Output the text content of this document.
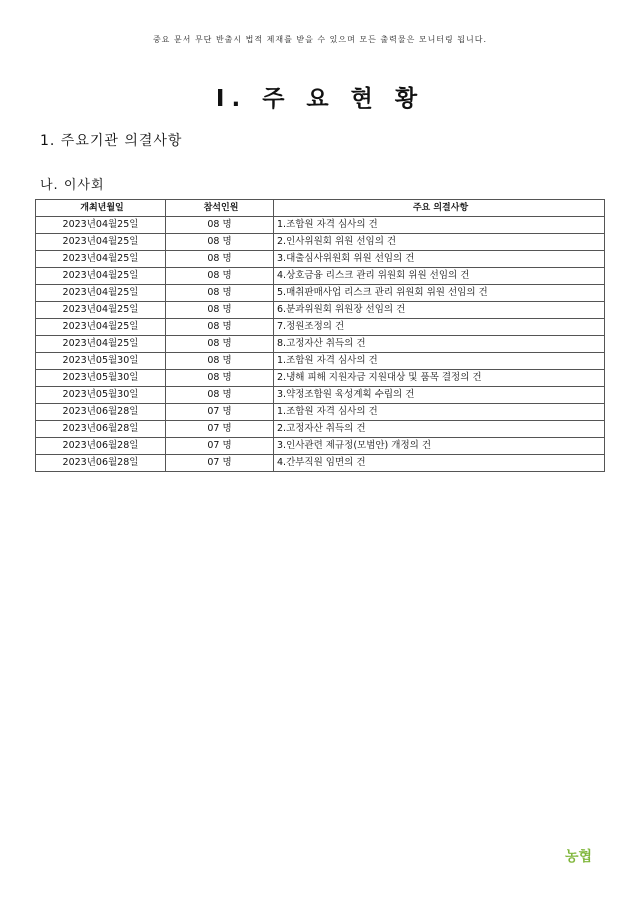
중요 문서 무단 반출시 법적 제재를 받을 수 있으며 모든 출력물은 모니터링 됩니다.
Ⅰ. 주 요 현 황
1. 주요기관 의결사항
나. 이사회
개최년월일	참석인원	주요 의결사항
2023년04월25일	08 명	1.조합원 자격 심사의 건
2023년04월25일	08 명	2.인사위원회 위원 선임의 건
2023년04월25일	08 명	3.대출심사위원회 위원 선임의 건
2023년04월25일	08 명	4.상호금융 리스크 관리 위원회 위원 선임의 건
2023년04월25일	08 명	5.매취판매사업 리스크 관리 위원회 위원 선임의 건
2023년04월25일	08 명	6.분과위원회 위원장 선임의 건
2023년04월25일	08 명	7.정원조정의 건
2023년04월25일	08 명	8.고정자산 취득의 건
2023년05월30일	08 명	1.조합원 자격 심사의 건
2023년05월30일	08 명	2.냉해 피해 지원자금 지원대상 및 품목 결정의 건
2023년05월30일	08 명	3.약정조합원 육성계획 수립의 건
2023년06월28일	07 명	1.조합원 자격 심사의 건
2023년06월28일	07 명	2.고정자산 취득의 건
2023년06월28일	07 명	3.인사관련 제규정(모범안) 개정의 건
2023년06월28일	07 명	4.간부직원 임면의 건
농협
